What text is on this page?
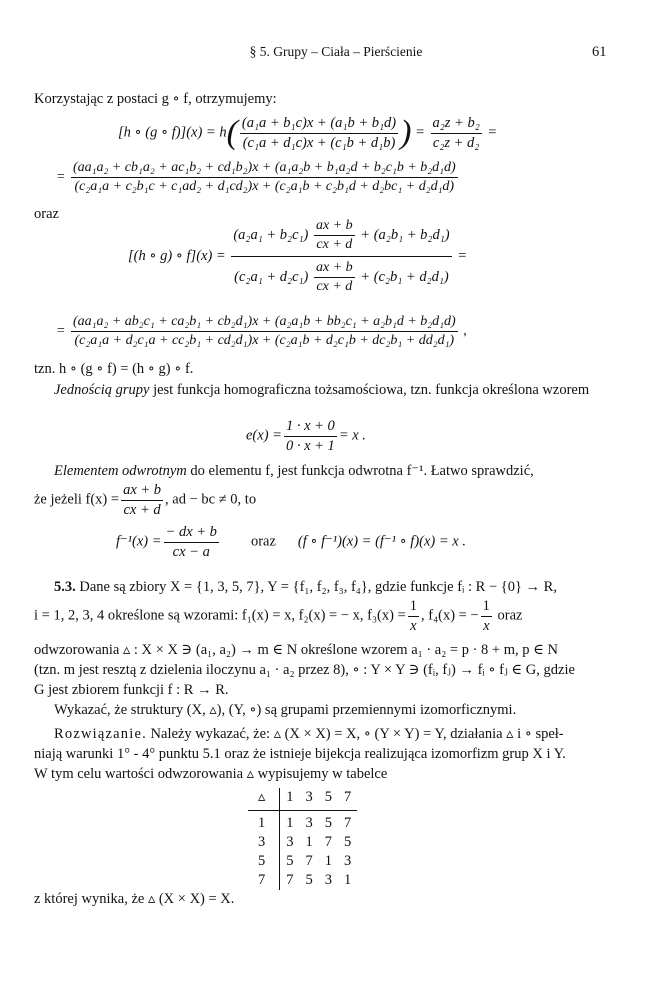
§ 5. Grupy – Ciała – Pierścienie	61
Korzystając z postaci g ∘ f, otrzymujemy:
[h ∘ (g ∘ $f)](x) = h( \frac{\text{(a₁a + b₁c)x + (a₁b + b₁d)}}{\text{(c₁a + d₁c)x + (c₁b + d₁b)}}$ ) = $\frac{\text{a₂z + b₂}}{\text{c₂z + d₂}}$ =
=
(aa₁a₂ + cb₁a₂ + ac₁b₂ + cd₁b₂)x + (a₁a₂b + b₁a₂d + b₂c₁b + b₂d₁d)
(c₂a₁a + c₂b₁c + c₁ad₂ + d₁cd₂)x + (c₂a₁b + c₂b₁d + d₂bc₁ + d₂d₁d)
oraz
[(h ∘ g) ∘ $f](x) = \frac{(a_2a_1 + b_2c_1) \frac{ax + b}{cx + d} + (a_2b_1 + b_2d_1)}{(c_2a_1 + d_2c_1) \frac{ax + b}{cx + d} + (c_2b_1 + d_2d_1)}$ =
=
(aa₁a₂ + ab₂c₁ + ca₂b₁ + cb₂d₁)x + (a₂a₁b + bb₂c₁ + a₂b₁d + b₂d₁d)
(c₂a₁a + d₂c₁a + cc₂b₁ + cd₂d₁)x + (c₂a₁b + d₂c₁b + dc₂b₁ + dd₂d₁)
,
tzn. h ∘ (g ∘ f) = (h ∘ g) ∘ f.
Jednością grupy jest funkcja homograficzna tożsamościowa, tzn. funkcja określona wzorem
$e(x) = \frac{1 \cdot x + 0}{0 \cdot x + 1} = x$ .
Elementem odwrotnym do elementu f, jest funkcja odwrotna f⁻¹. Łatwo sprawdzić,
że jeżeli $f(x) = \frac{ax + b}{cx + d}$ , ad − bc ≠ 0, to
$f^{-1}(x) = \frac{- dx + b}{cx - a}$ oraz (f ∘ f⁻¹)(x) = (f⁻¹ ∘ f)(x) = x .
5.3. Dane są zbiory X = {1, 3, 5, 7}, Y = {f₁, f₂, f₃, f₄}, gdzie funkcje fᵢ : R − {0} → R,
i = 1, 2, 3, 4 określone są wzorami: f₁(x) = x, f₂(x) = − x, $f_3(x) = \frac{1}{x}$ , f₄(x) = − $\frac{1}{x}$ oraz
odwzorowania ▵ : X × X ∋ (a₁, a₂) → m ∈ N określone wzorem a₁ · a₂ = p · 8 + m, p ∈ N
(tzn. m jest resztą z dzielenia iloczynu a₁ · a₂ przez 8), ∘ : Y × Y ∋ (fᵢ, fⱼ) → fᵢ ∘ fⱼ ∈ G, gdzie
G jest zbiorem funkcji f : R → R.
Wykazać, że struktury (X, ▵), (Y, ∘) są grupami przemiennymi izomorficznymi.
Rozwiązanie. Należy wykazać, że: ▵ (X × X) = X, ∘ (Y × Y) = Y, działania ▵ i ∘ speł-
niają warunki 1° - 4° punktu 5.1 oraz że istnieje bijekcja realizująca izomorfizm grup X i Y.
W tym celu wartości odwzorowania ▵ wypisujemy w tabelce
▵	1	3	5	7
1	1	3	5	7
3	3	1	7	5
5	5	7	1	3
7	7	5	3	1
z której wynika, że ▵ (X × X) = X.
